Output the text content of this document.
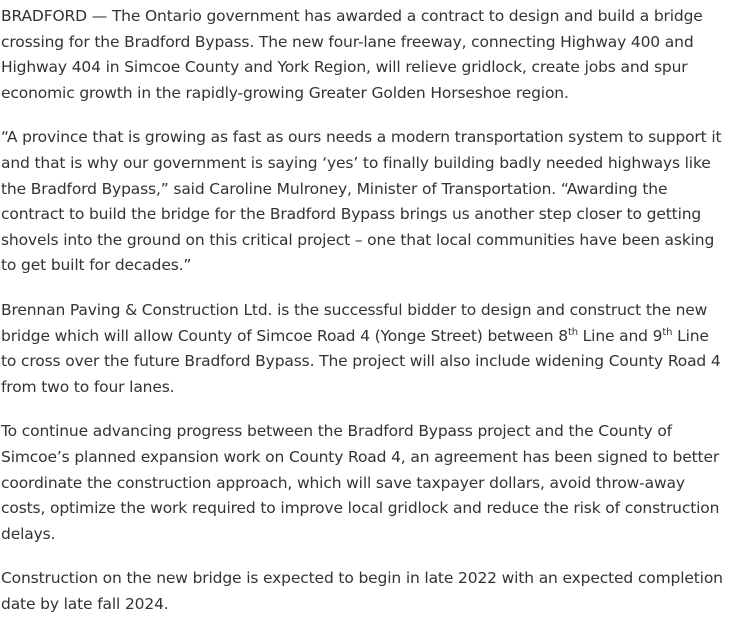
BRADFORD — The Ontario government has awarded a contract to design and build a bridge crossing for the Bradford Bypass. The new four-lane freeway, connecting Highway 400 and Highway 404 in Simcoe County and York Region, will relieve gridlock, create jobs and spur economic growth in the rapidly-growing Greater Golden Horseshoe region.

“A province that is growing as fast as ours needs a modern transportation system to support it and that is why our government is saying ‘yes’ to finally building badly needed highways like the Bradford Bypass,” said Caroline Mulroney, Minister of Transportation. “Awarding the contract to build the bridge for the Bradford Bypass brings us another step closer to getting shovels into the ground on this critical project – one that local communities have been asking to get built for decades.”

Brennan Paving & Construction Ltd. is the successful bidder to design and construct the new bridge which will allow County of Simcoe Road 4 (Yonge Street) between 8th Line and 9th Line to cross over the future Bradford Bypass. The project will also include widening County Road 4 from two to four lanes.

To continue advancing progress between the Bradford Bypass project and the County of Simcoe’s planned expansion work on County Road 4, an agreement has been signed to better coordinate the construction approach, which will save taxpayer dollars, avoid throw-away costs, optimize the work required to improve local gridlock and reduce the risk of construction delays.

Construction on the new bridge is expected to begin in late 2022 with an expected completion date by late fall 2024.
